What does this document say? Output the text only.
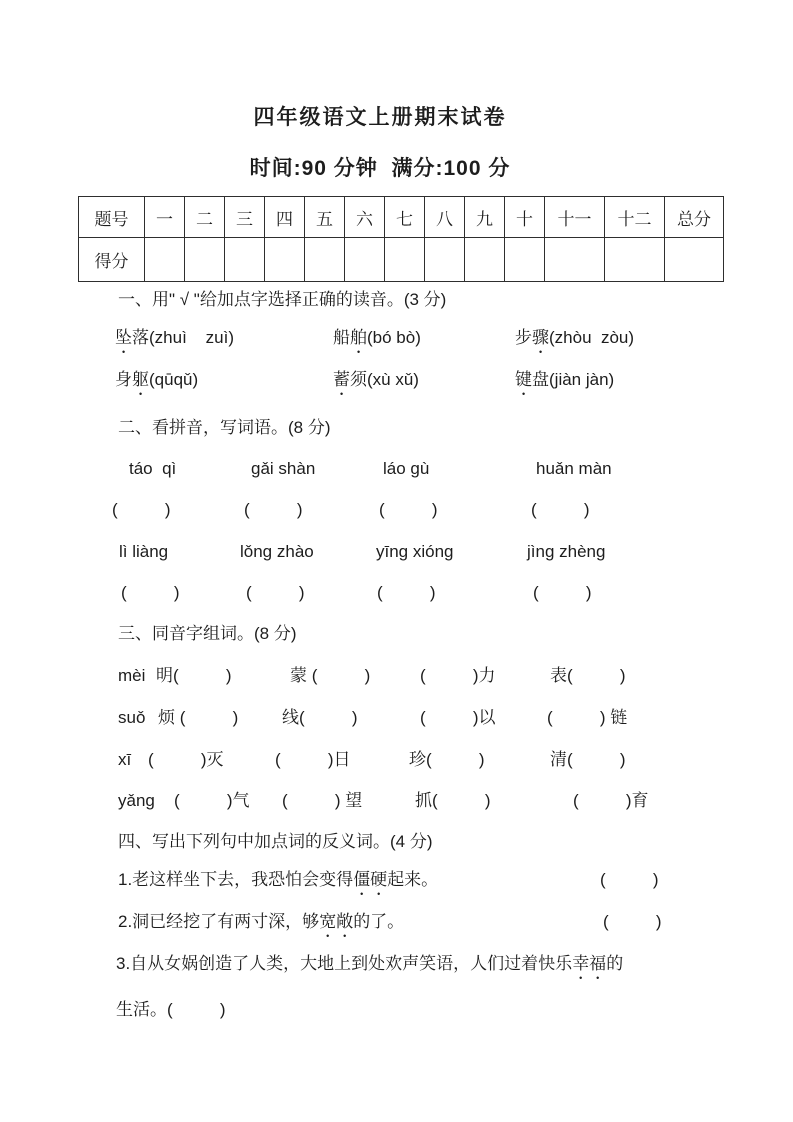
四年级语文上册期末试卷
时间:90 分钟  满分:100 分
题号	一	二	三	四	五	六	七	八	九	十	十一	十二	总分
得分													
一、用" √ "给加点字选择正确的读音。(3 分)
坠落(zhuì    zuì)	船舶(bó bò)	步骤(zhòu  zòu)
身躯(qūqǔ)	蓄须(xù xǔ)	键盘(jiàn jàn)
二、看拼音，写词语。(8 分)
táo  qì	gǎi shàn	láo gù	huǎn màn
(          )	(          )	(          )	(          )
lì liàng	lǒng zhào	yīng xióng	jìng zhèng
(          )	(          )	(          )	(          )
三、同音字组词。(8 分)
mèi 明(          )	蒙 (          )	(          )力	表(          )
suǒ 烦 (          )	线(          )	(          )以	(          ) 链
xī (          )灭	(          )日	珍(          )	清(          )
yǎng (          )气 (          ) 望	抓(          )	(          )育
四、写出下列句中加点词的反义词。(4 分)
1.老这样坐下去，我恐怕会变得僵硬起来。	(          )
2.洞已经挖了有两寸深，够宽敞的了。	(          )
3.自从女娲创造了人类，大地上到处欢声笑语，人们过着快乐幸福的
生活。(          )
